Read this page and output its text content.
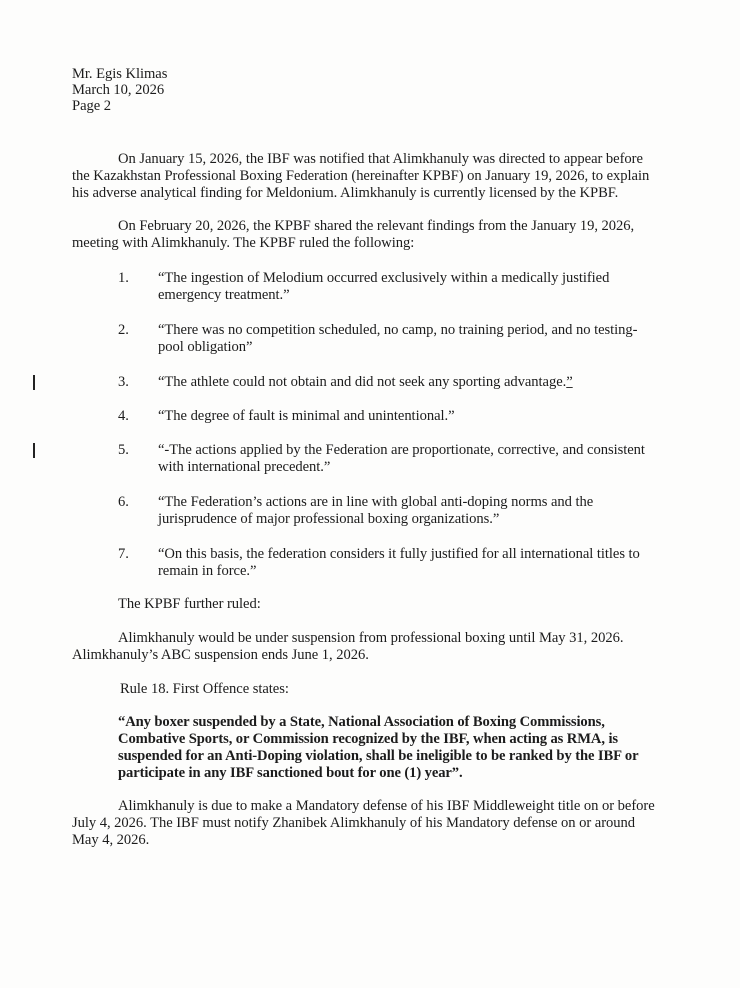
Mr. Egis Klimas
March 10, 2026
Page 2
On January 15, 2026, the IBF was notified that Alimkhanuly was directed to appear before
the Kazakhstan Professional Boxing Federation (hereinafter KPBF) on January 19, 2026, to explain
his adverse analytical finding for Meldonium. Alimkhanuly is currently licensed by the KPBF.
On February 20, 2026, the KPBF shared the relevant findings from the January 19, 2026,
meeting with Alimkhanuly. The KPBF ruled the following:
1. “The ingestion of Melodium occurred exclusively within a medically justified
emergency treatment.”
2. “There was no competition scheduled, no camp, no training period, and no testing-
pool obligation”
3. “The athlete could not obtain and did not seek any sporting advantage.”
4. “The degree of fault is minimal and unintentional.”
5. “-The actions applied by the Federation are proportionate, corrective, and consistent
with international precedent.”
6. “The Federation’s actions are in line with global anti-doping norms and the
jurisprudence of major professional boxing organizations.”
7. “On this basis, the federation considers it fully justified for all international titles to
remain in force.”
The KPBF further ruled:
Alimkhanuly would be under suspension from professional boxing until May 31, 2026.
Alimkhanuly’s ABC suspension ends June 1, 2026.
Rule 18. First Offence states:
“Any boxer suspended by a State, National Association of Boxing Commissions,
Combative Sports, or Commission recognized by the IBF, when acting as RMA, is
suspended for an Anti-Doping violation, shall be ineligible to be ranked by the IBF or
participate in any IBF sanctioned bout for one (1) year”.
Alimkhanuly is due to make a Mandatory defense of his IBF Middleweight title on or before
July 4, 2026. The IBF must notify Zhanibek Alimkhanuly of his Mandatory defense on or around
May 4, 2026.
